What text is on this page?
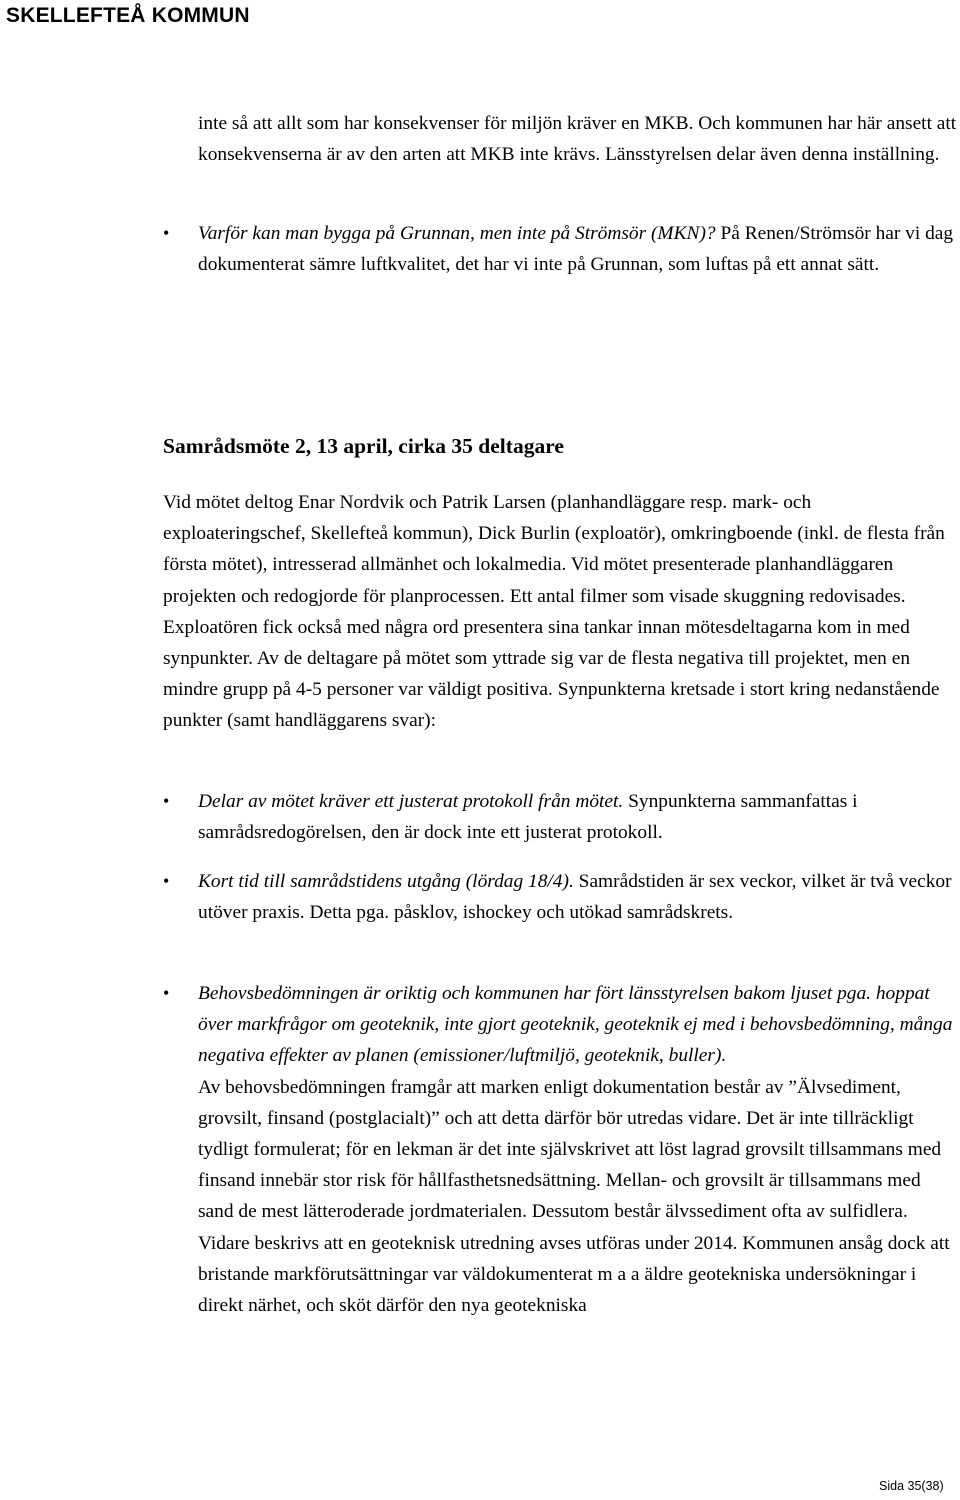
SKELLEFTEÅ KOMMUN
inte så att allt som har konsekvenser för miljön kräver en MKB. Och kommunen har här ansett att konsekvenserna är av den arten att MKB inte krävs. Länsstyrelsen delar även denna inställning.
• Varför kan man bygga på Grunnan, men inte på Strömsör (MKN)? På Renen/Strömsör har vi dag dokumenterat sämre luftkvalitet, det har vi inte på Grunnan, som luftas på ett annat sätt.
Samrådsmöte 2, 13 april, cirka 35 deltagare
Vid mötet deltog Enar Nordvik och Patrik Larsen (planhandläggare resp. mark- och exploateringschef, Skellefteå kommun), Dick Burlin (exploatör), omkringboende (inkl. de flesta från första mötet), intresserad allmänhet och lokalmedia. Vid mötet presenterade planhandläggaren projekten och redogjorde för planprocessen. Ett antal filmer som visade skuggning redovisades. Exploatören fick också med några ord presentera sina tankar innan mötesdeltagarna kom in med synpunkter. Av de deltagare på mötet som yttrade sig var de flesta negativa till projektet, men en mindre grupp på 4-5 personer var väldigt positiva. Synpunkterna kretsade i stort kring nedanstående punkter (samt handläggarens svar):
• Delar av mötet kräver ett justerat protokoll från mötet. Synpunkterna sammanfattas i samrådsredogörelsen, den är dock inte ett justerat protokoll.
• Kort tid till samrådstidens utgång (lördag 18/4). Samrådstiden är sex veckor, vilket är två veckor utöver praxis. Detta pga. påsklov, ishockey och utökad samrådskrets.
• Behovsbedömningen är oriktig och kommunen har fört länsstyrelsen bakom ljuset pga. hoppat över markfrågor om geoteknik, inte gjort geoteknik, geoteknik ej med i behovsbedömning, många negativa effekter av planen (emissioner/luftmiljö, geoteknik, buller).
Av behovsbedömningen framgår att marken enligt dokumentation består av ”Älvsediment, grovsilt, finsand (postglacialt)” och att detta därför bör utredas vidare. Det är inte tillräckligt tydligt formulerat; för en lekman är det inte självskrivet att löst lagrad grovsilt tillsammans med finsand innebär stor risk för hållfasthetsnedsättning. Mellan- och grovsilt är tillsammans med sand de mest lätteroderade jordmaterialen. Dessutom består älvssediment ofta av sulfidlera. Vidare beskrivs att en geoteknisk utredning avses utföras under 2014. Kommunen ansåg dock att bristande markförutsättningar var väldokumenterat m a a äldre geotekniska undersökningar i direkt närhet, och sköt därför den nya geotekniska
Sida 35(38)
